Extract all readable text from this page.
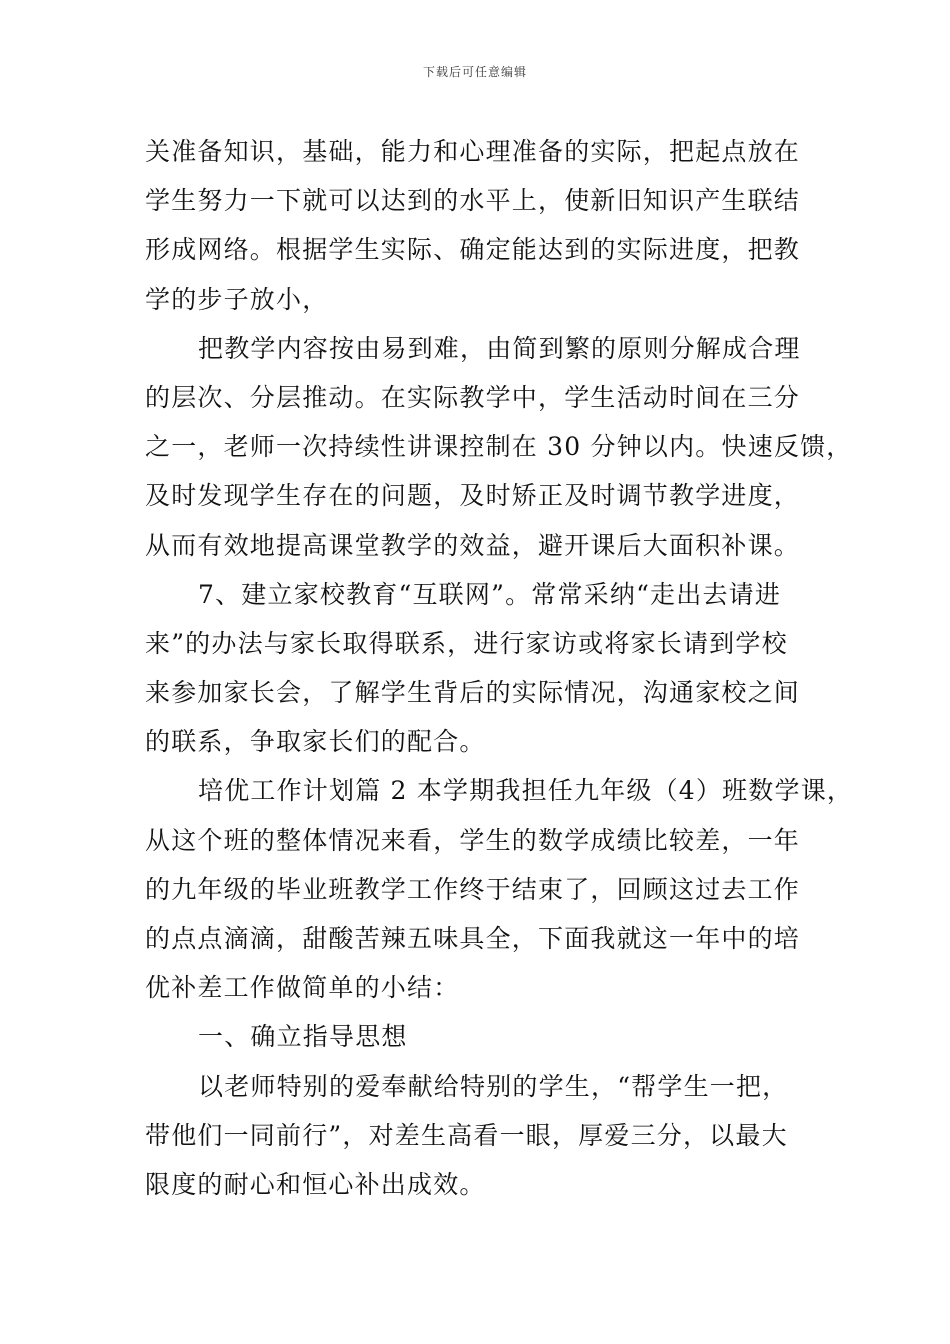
下载后可任意编辑
关准备知识，基础，能力和心理准备的实际，把起点放在
学生努力一下就可以达到的水平上，使新旧知识产生联结
形成网络。根据学生实际、确定能达到的实际进度，把教
学的步子放小，
把教学内容按由易到难，由简到繁的原则分解成合理
的层次、分层推动。在实际教学中，学生活动时间在三分
之一，老师一次持续性讲课控制在 30 分钟以内。快速反馈，
及时发现学生存在的问题，及时矫正及时调节教学进度，
从而有效地提高课堂教学的效益，避开课后大面积补课。
7、建立家校教育“互联网”。常常采纳“走出去请进
来”的办法与家长取得联系，进行家访或将家长请到学校
来参加家长会，了解学生背后的实际情况，沟通家校之间
的联系，争取家长们的配合。
培优工作计划篇 2 本学期我担任九年级（4）班数学课，
从这个班的整体情况来看，学生的数学成绩比较差，一年
的九年级的毕业班教学工作终于结束了，回顾这过去工作
的点点滴滴，甜酸苦辣五味具全，下面我就这一年中的培
优补差工作做简单的小结：
一、确立指导思想
以老师特别的爱奉献给特别的学生，“帮学生一把，
带他们一同前行”，对差生高看一眼，厚爱三分，以最大
限度的耐心和恒心补出成效。
